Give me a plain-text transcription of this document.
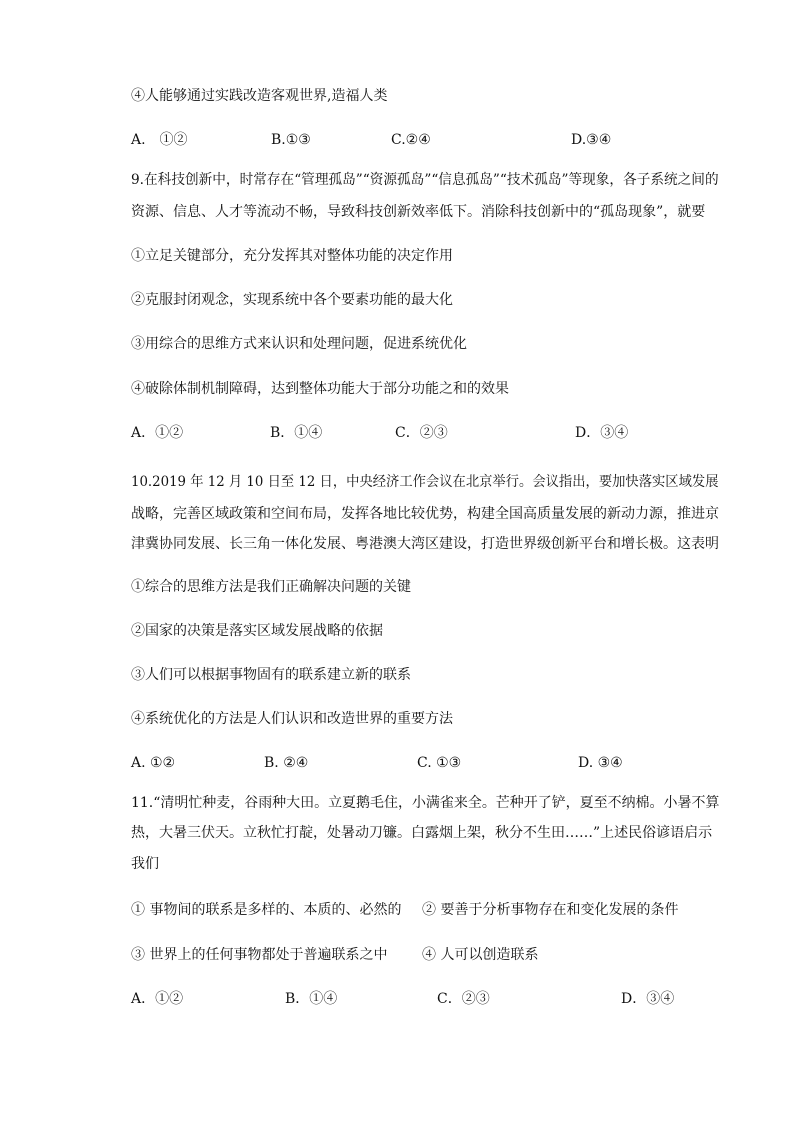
④人能够通过实践改造客观世界,造福人类
A.　①②	B.①③	C.②④	D.③④
9.在科技创新中，时常存在“管理孤岛”“资源孤岛”“信息孤岛”“技术孤岛”等现象，各子系统之间的
资源、信息、人才等流动不畅，导致科技创新效率低下。消除科技创新中的“孤岛现象”，就要
①立足关键部分，充分发挥其对整体功能的决定作用
②克服封闭观念，实现系统中各个要素功能的最大化
③用综合的思维方式来认识和处理问题，促进系统优化
④破除体制机制障碍，达到整体功能大于部分功能之和的效果
A．①②	B．①④	C．②③	D．③④
10.2019 年 12 月 10 日至 12 日，中央经济工作会议在北京举行。会议指出，要加快落实区域发展
战略，完善区域政策和空间布局，发挥各地比较优势，构建全国高质量发展的新动力源，推进京
津冀协同发展、长三角一体化发展、粤港澳大湾区建设，打造世界级创新平台和增长极。这表明
①综合的思维方法是我们正确解决问题的关键
②国家的决策是落实区域发展战略的依据
③人们可以根据事物固有的联系建立新的联系
④系统优化的方法是人们认识和改造世界的重要方法
A. ①②	B. ②④	C. ①③	D. ③④
11.“清明忙种麦，谷雨种大田。立夏鹅毛住，小满雀来全。芒种开了铲，夏至不纳棉。小暑不算
热，大暑三伏天。立秋忙打靛，处暑动刀镰。白露烟上架，秋分不生田……”上述民俗谚语启示
我们
① 事物间的联系是多样的、本质的、必然的 ② 要善于分析事物存在和变化发展的条件
③ 世界上的任何事物都处于普遍联系之中 ④ 人可以创造联系
A．①②	B．①④	C．②③	D．③④
